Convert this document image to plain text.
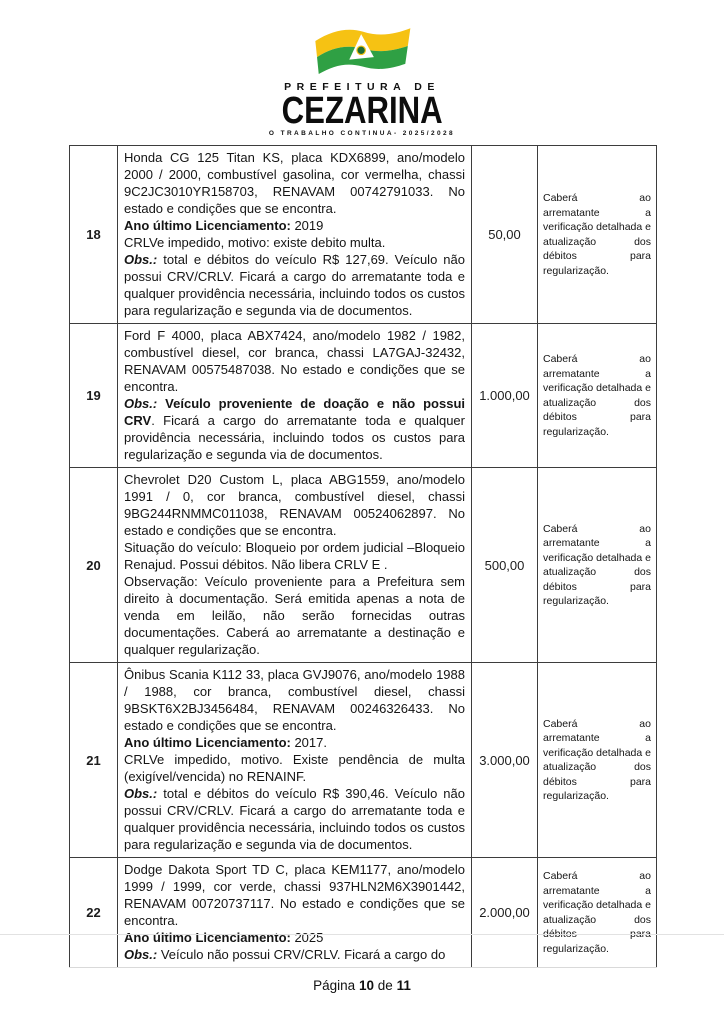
PREFEITURA DE
CEZARINA
O TRABALHO CONTINUA- 2025/2028
18	Honda CG 125 Titan KS, placa KDX6899, ano/modelo 2000 / 2000, combustível gasolina, cor vermelha, chassi 9C2JC3010YR158703, RENAVAM 00742791033. No estado e condições que se encontra.

Ano último Licenciamento: 2019

CRLVe impedido, motivo: existe debito multa.

Obs.: total e débitos do veículo R$ 127,69. Veículo não possui CRV/CRLV. Ficará a cargo do arrematante toda e qualquer providência necessária, incluindo todos os custos para regularização e segunda via de documentos.	50,00	Caberá ao arrematante a verificação detalhada e atualização dos débitos para regularização.
19	Ford F 4000, placa ABX7424, ano/modelo 1982 / 1982, combustível diesel, cor branca, chassi LA7GAJ-32432, RENAVAM 00575487038. No estado e condições que se encontra.

Obs.: Veículo proveniente de doação e não possui CRV. Ficará a cargo do arrematante toda e qualquer providência necessária, incluindo todos os custos para regularização e segunda via de documentos.	1.000,00	Caberá ao arrematante a verificação detalhada e atualização dos débitos para regularização.
20	Chevrolet D20 Custom L, placa ABG1559, ano/modelo 1991 / 0, cor branca, combustível diesel, chassi 9BG244RNMMC011038, RENAVAM 00524062897. No estado e condições que se encontra.

Situação do veículo: Bloqueio por ordem judicial –Bloqueio Renajud. Possui débitos. Não libera CRLV E .

Observação: Veículo proveniente para a Prefeitura sem direito à documentação. Será emitida apenas a nota de venda em leilão, não serão fornecidas outras documentações. Caberá ao arrematante a destinação e qualquer regularização.	500,00	Caberá ao arrematante a verificação detalhada e atualização dos débitos para regularização.
21	Ônibus Scania K112 33, placa GVJ9076, ano/modelo 1988 / 1988, cor branca, combustível diesel, chassi 9BSKT6X2BJ3456484, RENAVAM 00246326433. No estado e condições que se encontra.

Ano último Licenciamento: 2017.

CRLVe impedido, motivo. Existe pendência de multa (exigível/vencida) no RENAINF.

Obs.: total e débitos do veículo R$ 390,46. Veículo não possui CRV/CRLV. Ficará a cargo do arrematante toda e qualquer providência necessária, incluindo todos os custos para regularização e segunda via de documentos.	3.000,00	Caberá ao arrematante a verificação detalhada e atualização dos débitos para regularização.
22	Dodge Dakota Sport TD C, placa KEM1177, ano/modelo 1999 / 1999, cor verde, chassi 937HLN2M6X3901442, RENAVAM 00720737117. No estado e condições que se encontra.

Ano último Licenciamento: 2025

Obs.: Veículo não possui CRV/CRLV. Ficará a cargo do	2.000,00	Caberá ao arrematante a verificação detalhada e atualização dos débitos para regularização.
Página 10 de 11
